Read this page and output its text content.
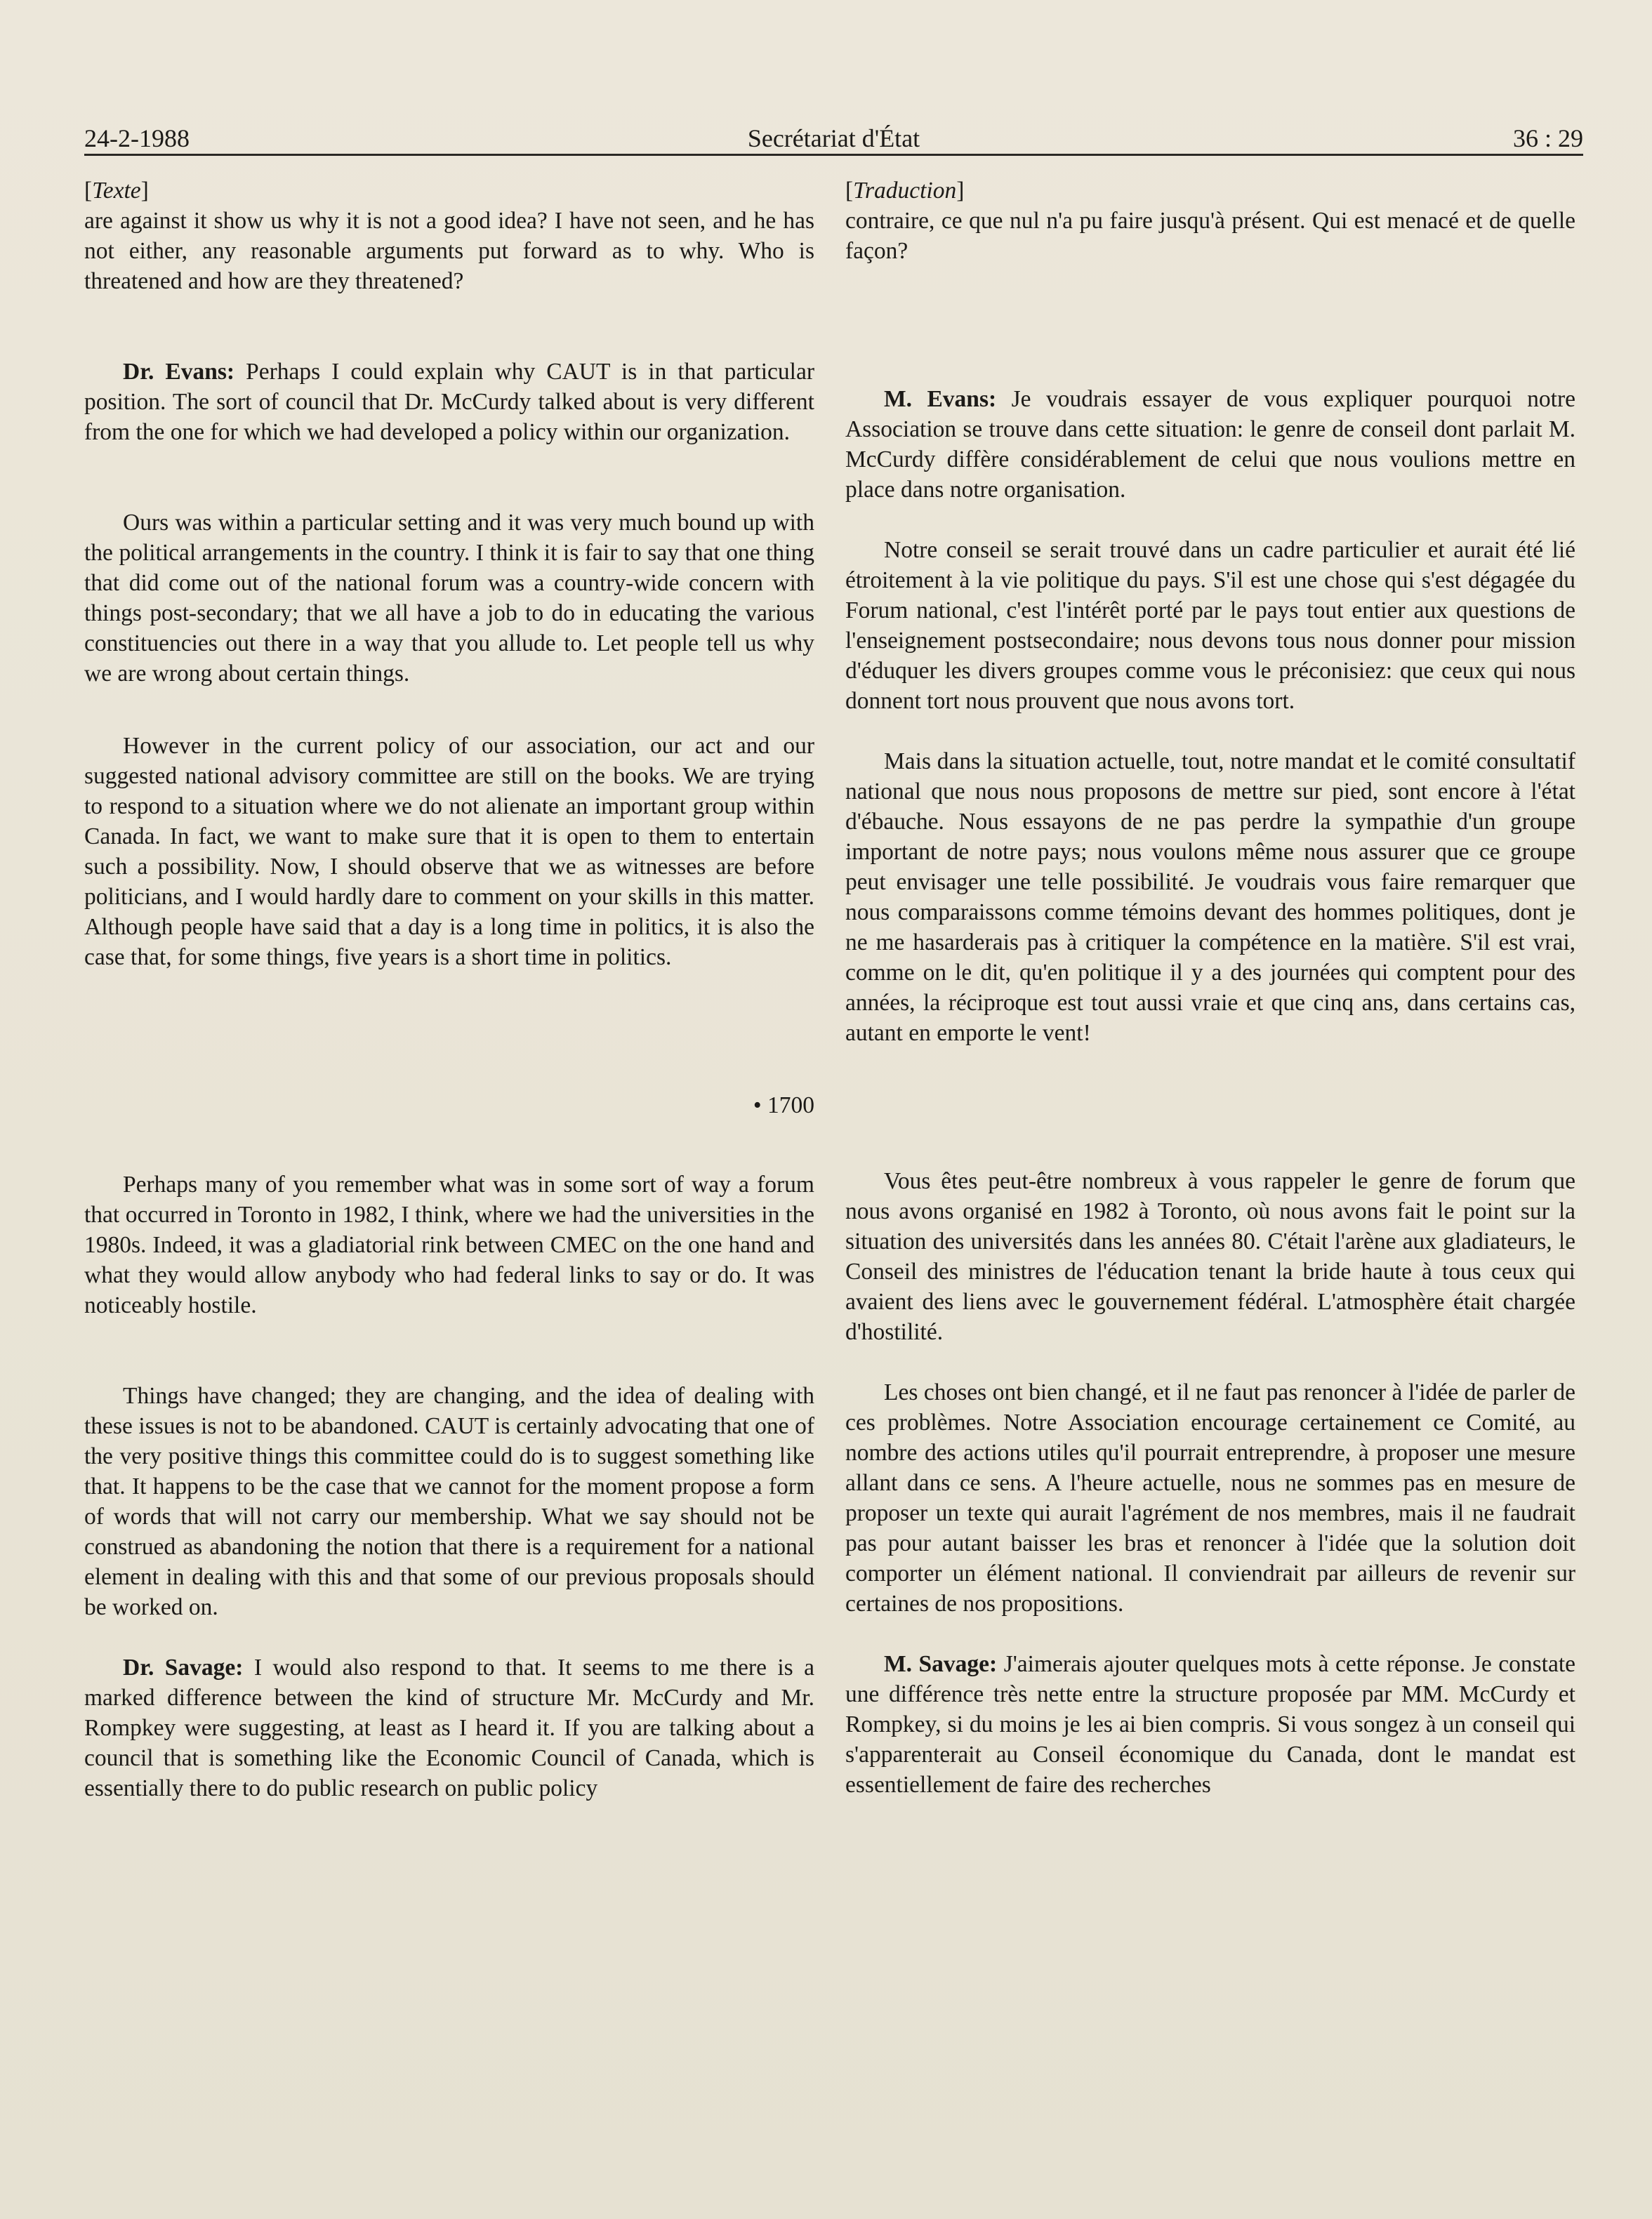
24-2-1988	Secrétariat d'État	36 : 29
[Texte]

are against it show us why it is not a good idea? I have not seen, and he has not either, any reasonable arguments put forward as to why. Who is threatened and how are they threatened?

Dr. Evans: Perhaps I could explain why CAUT is in that particular position. The sort of council that Dr. McCurdy talked about is very different from the one for which we had developed a policy within our organization.

Ours was within a particular setting and it was very much bound up with the political arrangements in the country. I think it is fair to say that one thing that did come out of the national forum was a country-wide concern with things post-secondary; that we all have a job to do in educating the various constituencies out there in a way that you allude to. Let people tell us why we are wrong about certain things.

However in the current policy of our association, our act and our suggested national advisory committee are still on the books. We are trying to respond to a situation where we do not alienate an important group within Canada. In fact, we want to make sure that it is open to them to entertain such a possibility. Now, I should observe that we as witnesses are before politicians, and I would hardly dare to comment on your skills in this matter. Although people have said that a day is a long time in politics, it is also the case that, for some things, five years is a short time in politics.

• 1700

Perhaps many of you remember what was in some sort of way a forum that occurred in Toronto in 1982, I think, where we had the universities in the 1980s. Indeed, it was a gladiatorial rink between CMEC on the one hand and what they would allow anybody who had federal links to say or do. It was noticeably hostile.

Things have changed; they are changing, and the idea of dealing with these issues is not to be abandoned. CAUT is certainly advocating that one of the very positive things this committee could do is to suggest something like that. It happens to be the case that we cannot for the moment propose a form of words that will not carry our membership. What we say should not be construed as abandoning the notion that there is a requirement for a national element in dealing with this and that some of our previous proposals should be worked on.

Dr. Savage: I would also respond to that. It seems to me there is a marked difference between the kind of structure Mr. McCurdy and Mr. Rompkey were suggesting, at least as I heard it. If you are talking about a council that is something like the Economic Council of Canada, which is essentially there to do public research on public policy

[Traduction]

contraire, ce que nul n'a pu faire jusqu'à présent. Qui est menacé et de quelle façon?

M. Evans: Je voudrais essayer de vous expliquer pourquoi notre Association se trouve dans cette situation: le genre de conseil dont parlait M. McCurdy diffère considérablement de celui que nous voulions mettre en place dans notre organisation.

Notre conseil se serait trouvé dans un cadre particulier et aurait été lié étroitement à la vie politique du pays. S'il est une chose qui s'est dégagée du Forum national, c'est l'intérêt porté par le pays tout entier aux questions de l'enseignement postsecondaire; nous devons tous nous donner pour mission d'éduquer les divers groupes comme vous le préconisiez: que ceux qui nous donnent tort nous prouvent que nous avons tort.

Mais dans la situation actuelle, tout, notre mandat et le comité consultatif national que nous nous proposons de mettre sur pied, sont encore à l'état d'ébauche. Nous essayons de ne pas perdre la sympathie d'un groupe important de notre pays; nous voulons même nous assurer que ce groupe peut envisager une telle possibilité. Je voudrais vous faire remarquer que nous comparaissons comme témoins devant des hommes politiques, dont je ne me hasarderais pas à critiquer la compétence en la matière. S'il est vrai, comme on le dit, qu'en politique il y a des journées qui comptent pour des années, la réciproque est tout aussi vraie et que cinq ans, dans certains cas, autant en emporte le vent!

Vous êtes peut-être nombreux à vous rappeler le genre de forum que nous avons organisé en 1982 à Toronto, où nous avons fait le point sur la situation des universités dans les années 80. C'était l'arène aux gladiateurs, le Conseil des ministres de l'éducation tenant la bride haute à tous ceux qui avaient des liens avec le gouvernement fédéral. L'atmosphère était chargée d'hostilité.

Les choses ont bien changé, et il ne faut pas renoncer à l'idée de parler de ces problèmes. Notre Association encourage certainement ce Comité, au nombre des actions utiles qu'il pourrait entreprendre, à proposer une mesure allant dans ce sens. A l'heure actuelle, nous ne sommes pas en mesure de proposer un texte qui aurait l'agrément de nos membres, mais il ne faudrait pas pour autant baisser les bras et renoncer à l'idée que la solution doit comporter un élément national. Il conviendrait par ailleurs de revenir sur certaines de nos propositions.

M. Savage: J'aimerais ajouter quelques mots à cette réponse. Je constate une différence très nette entre la structure proposée par MM. McCurdy et Rompkey, si du moins je les ai bien compris. Si vous songez à un conseil qui s'apparenterait au Conseil économique du Canada, dont le mandat est essentiellement de faire des recherches
